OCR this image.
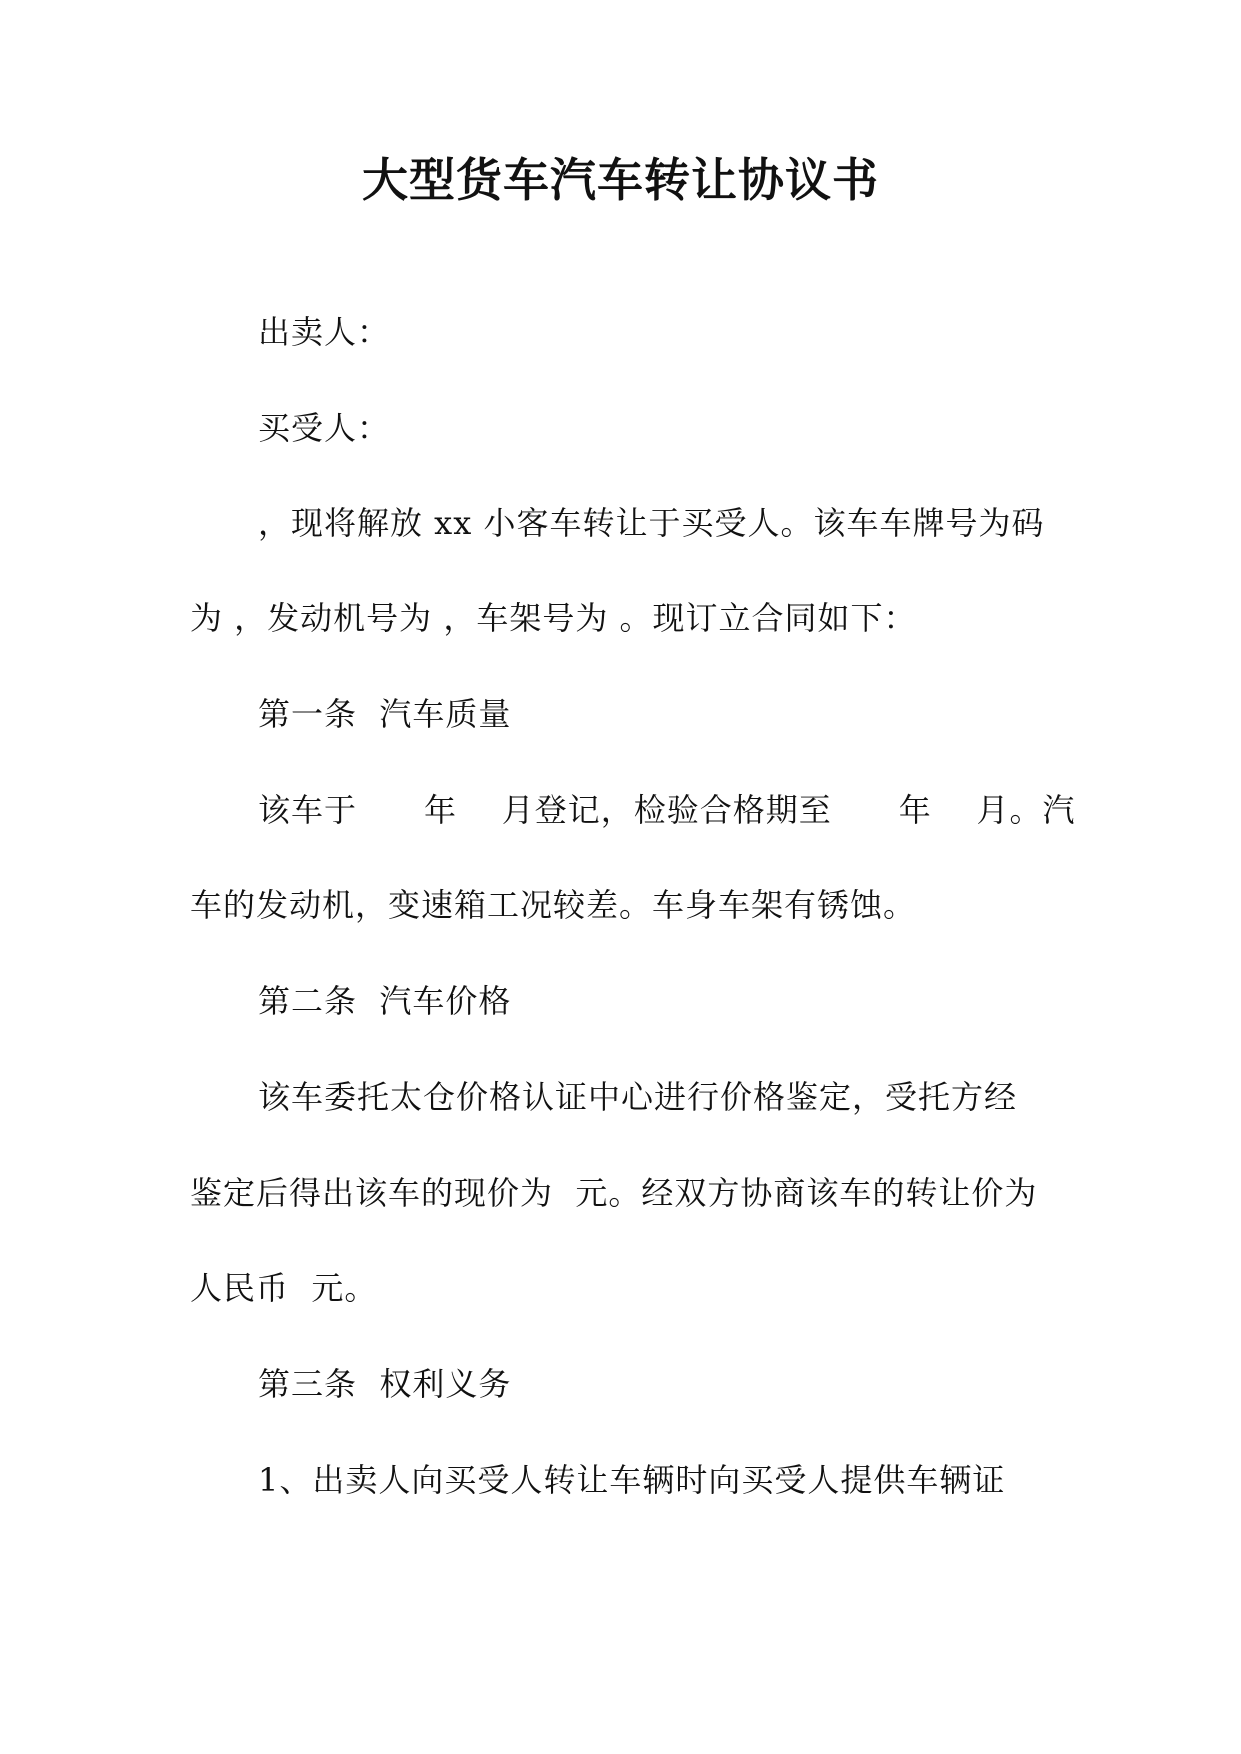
大型货车汽车转让协议书
出卖人：
买受人：
，现将解放 xx 小客车转让于买受人。该车车牌号为码
为 ，发动机号为 ，车架号为 。现订立合同如下：
第一条  汽车质量
该车于      年    月登记，检验合格期至      年    月。汽
车的发动机，变速箱工况较差。车身车架有锈蚀。
第二条  汽车价格
该车委托太仓价格认证中心进行价格鉴定，受托方经
鉴定后得出该车的现价为  元。经双方协商该车的转让价为
人民币  元。
第三条  权利义务
1、出卖人向买受人转让车辆时向买受人提供车辆证
